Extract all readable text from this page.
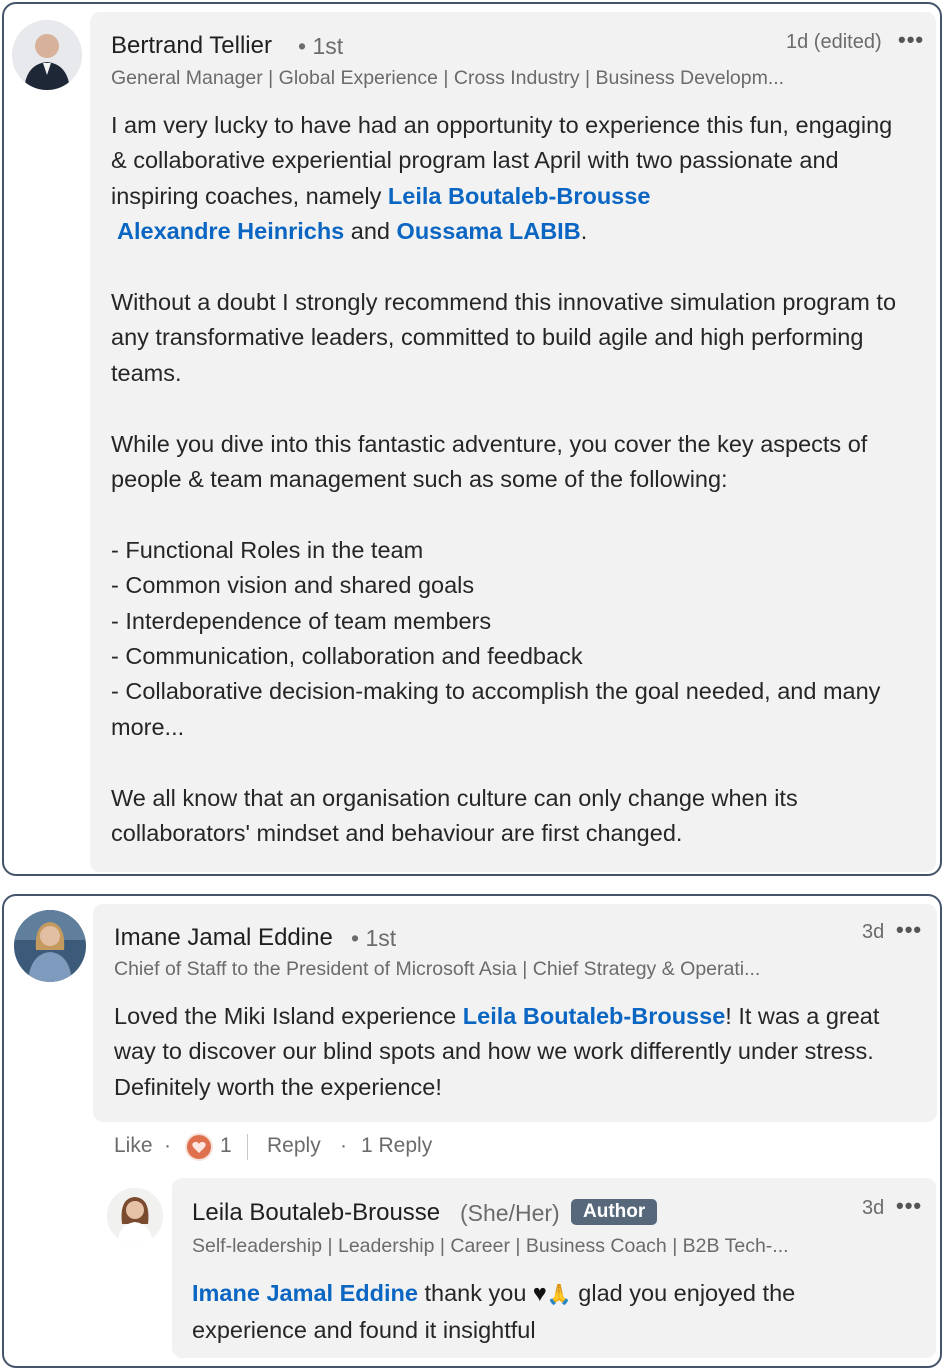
Bertrand Tellier • 1st	1d (edited) •••
General Manager | Global Experience | Cross Industry | Business Developm...

I am very lucky to have had an opportunity to experience this fun, engaging & collaborative experiential program last April with two passionate and inspiring coaches, namely Leila Boutaleb-Brousse
Alexandre Heinrichs and Oussama LABIB.

Without a doubt I strongly recommend this innovative simulation program to any transformative leaders, committed to build agile and high performing teams.

While you dive into this fantastic adventure, you cover the key aspects of people & team management such as some of the following:

- Functional Roles in the team

- Common vision and shared goals

- Interdependence of team members

- Communication, collaboration and feedback

- Collaborative decision-making to accomplish the goal needed, and many more...

We all know that an organisation culture can only change when its collaborators' mindset and behaviour are first changed.

Imane Jamal Eddine • 1st	3d •••
Chief of Staff to the President of Microsoft Asia | Chief Strategy & Operati...

Loved the Miki Island experience Leila Boutaleb-Brousse! It was a great way to discover our blind spots and how we work differently under stress. Definitely worth the experience!

Like · 1 Reply · 1 Reply
Leila Boutaleb-Brousse (She/Her)	Author	3d •••
Self-leadership | Leadership | Career | Business Coach | B2B Tech-...

Imane Jamal Eddine thank you ♥🙏 glad you enjoyed the experience and found it insightful
